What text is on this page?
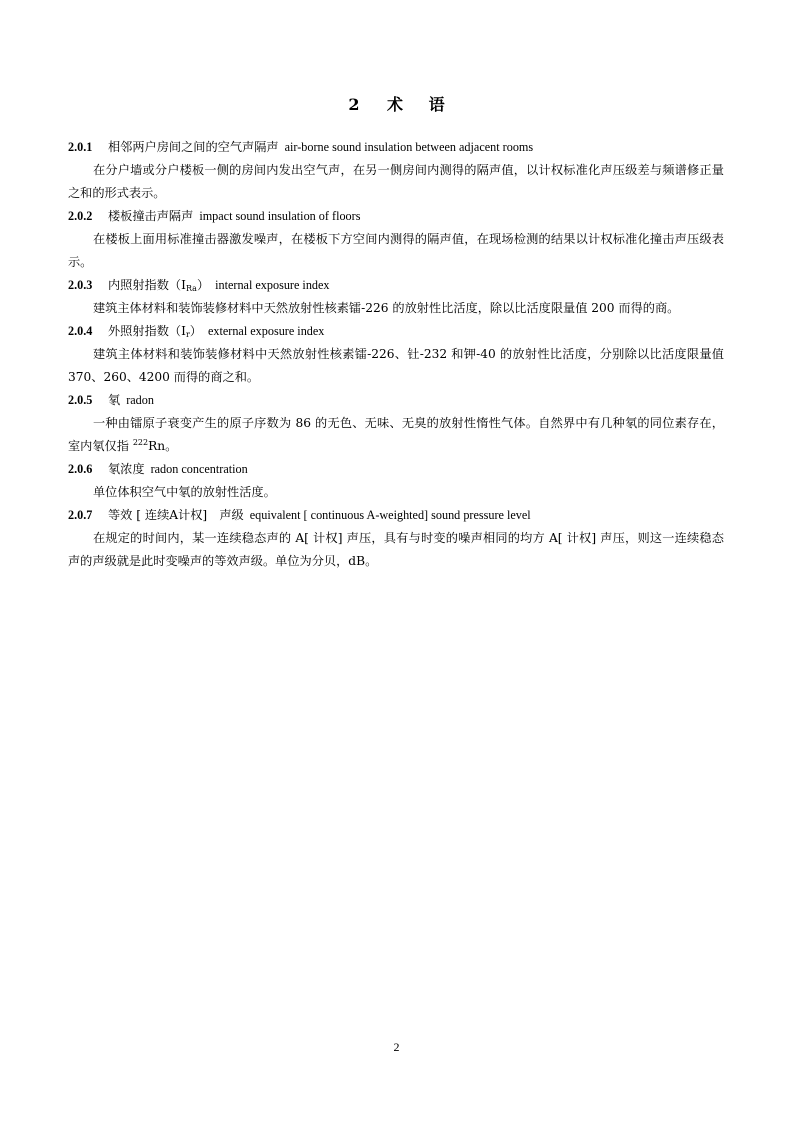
2 术 语

2.0.1 相邻两户房间之间的空气声隔声 air-borne sound insulation between adjacent rooms

在分户墙或分户楼板一侧的房间内发出空气声，在另一侧房间内测得的隔声值，以计权标准化声压级差与频谱修正量之和的形式表示。

2.0.2 楼板撞击声隔声 impact sound insulation of floors

在楼板上面用标准撞击器激发噪声，在楼板下方空间内测得的隔声值，在现场检测的结果以计权标准化撞击声压级表示。

2.0.3 内照射指数$(I_{Ra})$ internal exposure index

建筑主体材料和装饰装修材料中天然放射性核素镭-226 的放射性比活度，除以比活度限量值 200 而得的商。

2.0.4 外照射指数$(I_r)$ external exposure index

建筑主体材料和装饰装修材料中天然放射性核素镭-226、钍-232 和钾-40 的放射性比活度，分别除以比活度限量值 370、260、4200 而得的商之和。

2.0.5 氡 radon

一种由镭原子衰变产生的原子序数为 86 的无色、无味、无臭的放射性惰性气体。自然界中有几种氡的同位素存在，室内氡仅指 $^{222}$Rn。

2.0.6 氡浓度 radon concentration

单位体积空气中氡的放射性活度。

2.0.7 等效 [ 连续A计权]　声级 equivalent [ continuous A-weighted] sound pressure level

在规定的时间内，某一连续稳态声的 A[ 计权] 声压，具有与时变的噪声相同的均方 A[ 计权] 声压，则这一连续稳态声的声级就是此时变噪声的等效声级。单位为分贝，dB。

2
